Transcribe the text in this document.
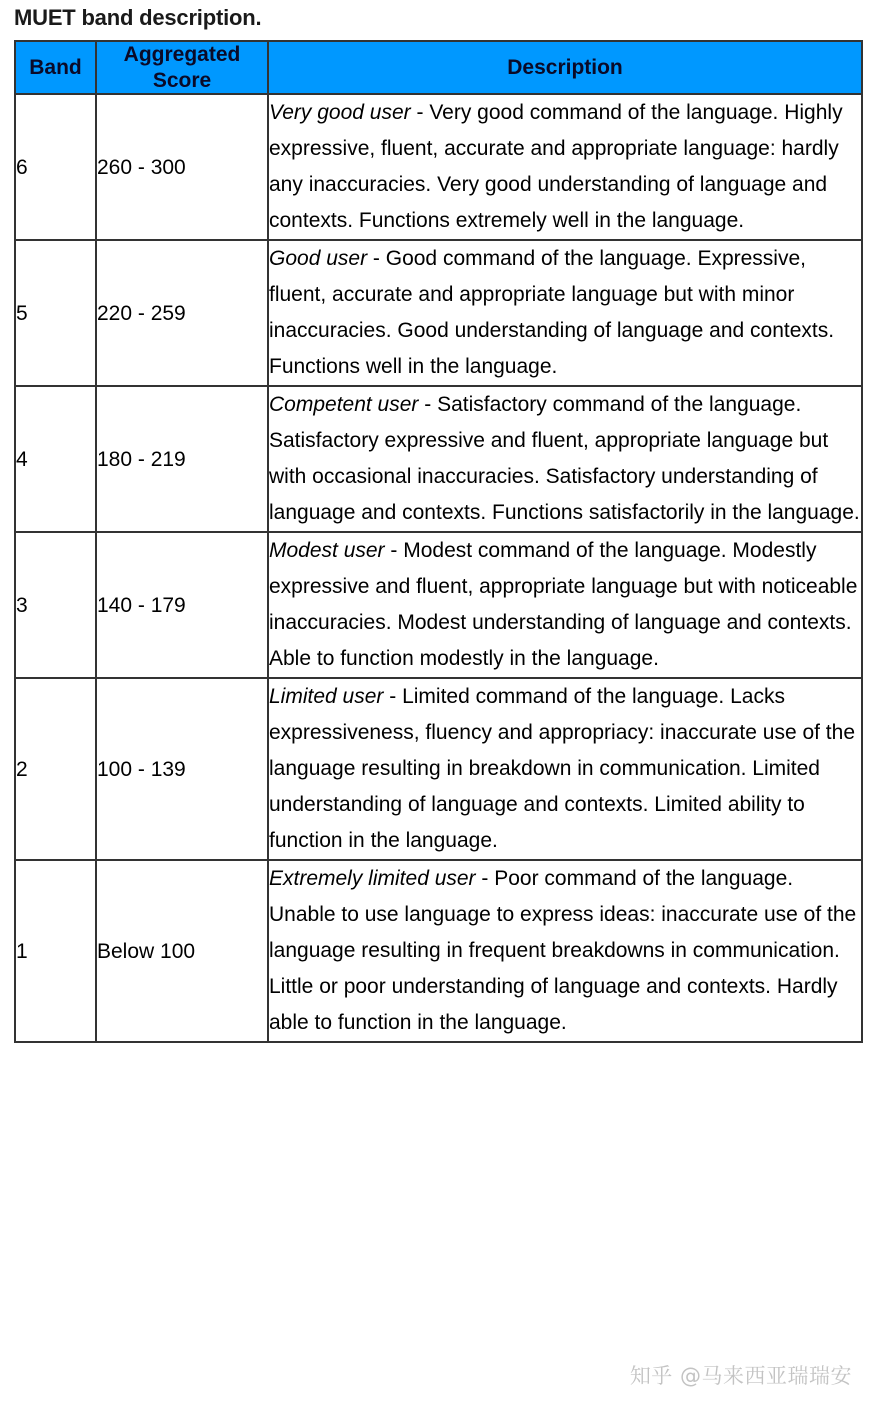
MUET band description.
Band	Aggregated Score	Description
6	260 - 300	Very good user - Very good command of the language. Highly expressive, fluent, accurate and appropriate language: hardly any inaccuracies. Very good understanding of language and contexts. Functions extremely well in the language.
5	220 - 259	Good user - Good command of the language. Expressive, fluent, accurate and appropriate language but with minor inaccuracies. Good understanding of language and contexts. Functions well in the language.
4	180 - 219	Competent user - Satisfactory command of the language. Satisfactory expressive and fluent, appropriate language but with occasional inaccuracies. Satisfactory understanding of language and contexts. Functions satisfactorily in the language.
3	140 - 179	Modest user - Modest command of the language. Modestly expressive and fluent, appropriate language but with noticeable inaccuracies. Modest understanding of language and contexts. Able to function modestly in the language.
2	100 - 139	Limited user - Limited command of the language. Lacks expressiveness, fluency and appropriacy: inaccurate use of the language resulting in breakdown in communication. Limited understanding of language and contexts. Limited ability to function in the language.
1	Below 100	Extremely limited user - Poor command of the language. Unable to use language to express ideas: inaccurate use of the language resulting in frequent breakdowns in communication. Little or poor understanding of language and contexts. Hardly able to function in the language.
知乎 @马来西亚瑞瑞安
